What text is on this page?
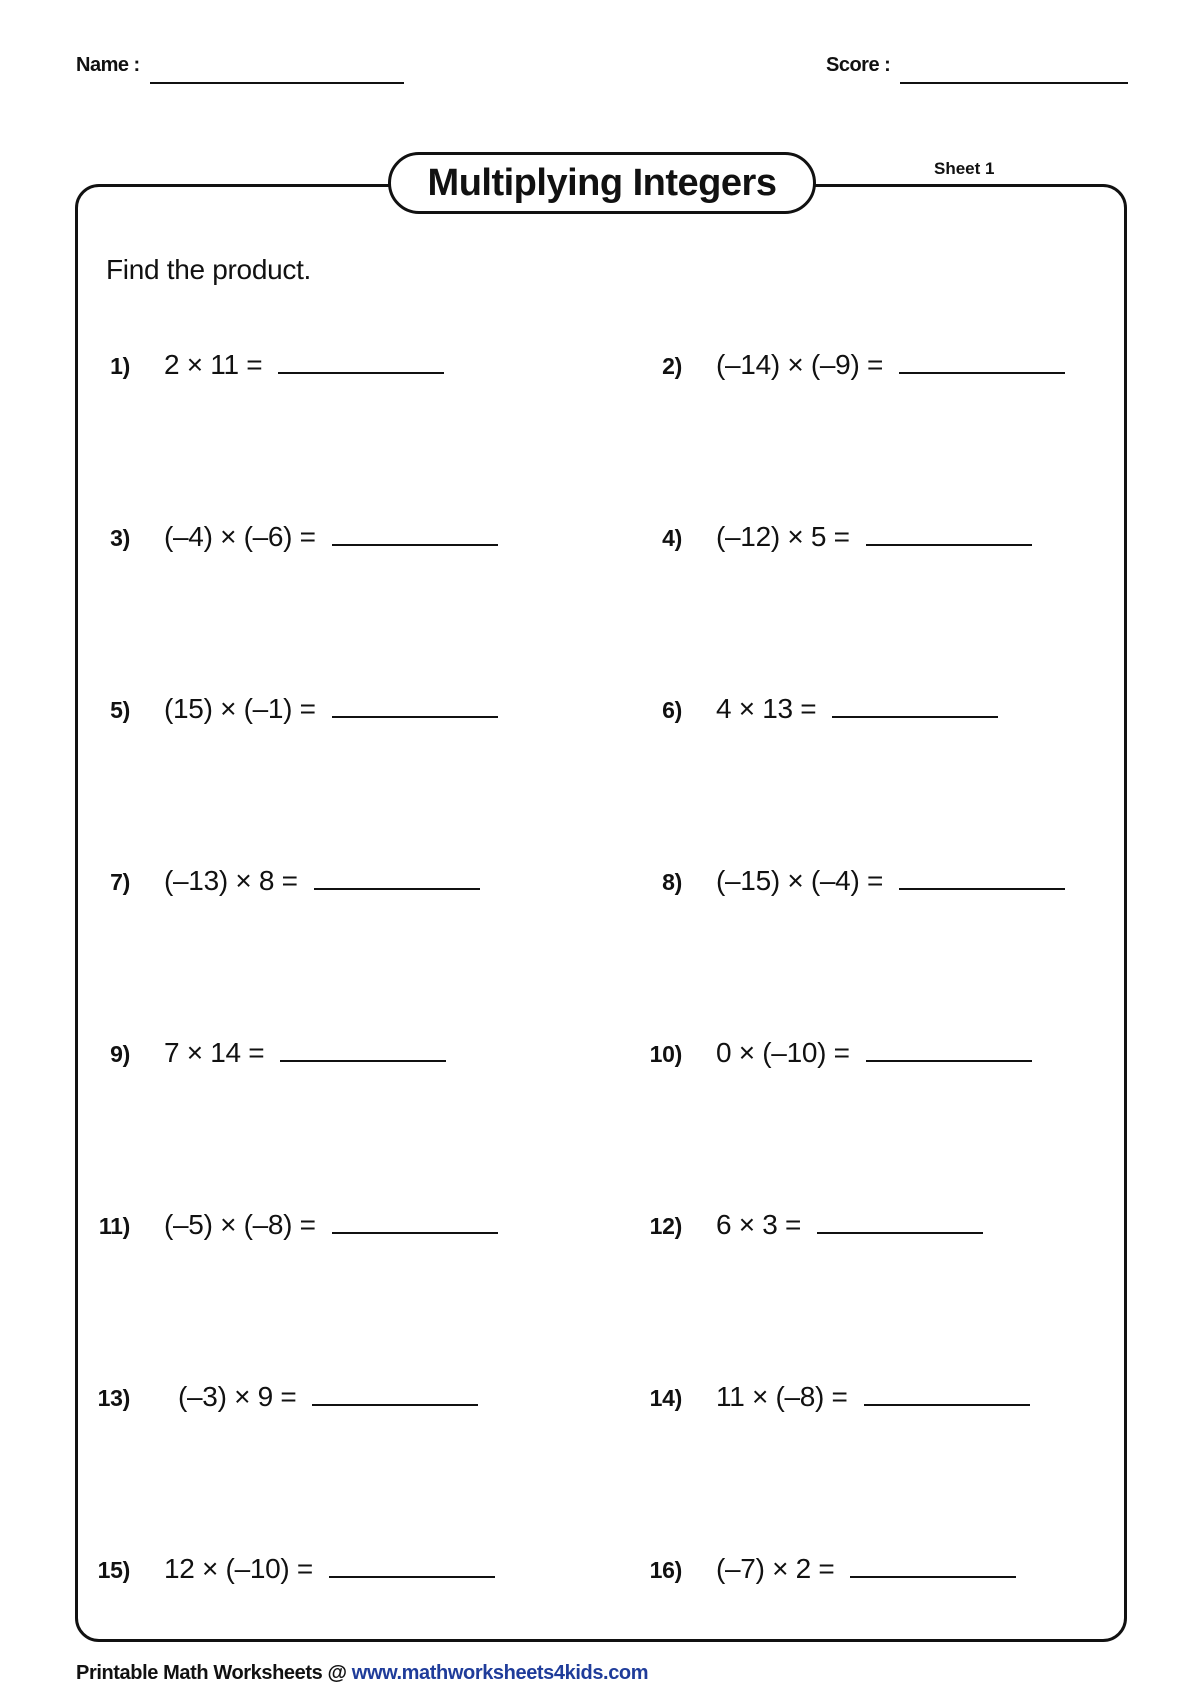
Name :	Score :
Multiplying Integers	Sheet 1
Find the product.
1) 2 × 11 =
3) (–4) × (–6) =
5) (15) × (–1) =
7) (–13) × 8 =
9) 7 × 14 =
11) (–5) × (–8) =
13) (–3) × 9 =
15) 12 × (–10) =
2) (–14) × (–9) =
4) (–12) × 5 =
6) 4 × 13 =
8) (–15) × (–4) =
10) 0 × (–10) =
12) 6 × 3 =
14) 11 × (–8) =
16) (–7) × 2 =
Printable Math Worksheets @ www.mathworksheets4kids.com
